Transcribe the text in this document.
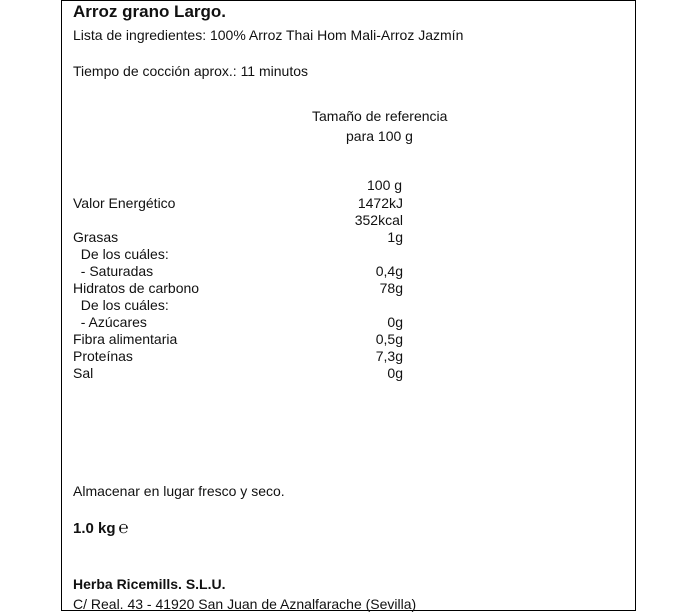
Arroz grano Largo.
Lista de ingredientes: 100% Arroz Thai Hom Mali-Arroz Jazmín
Tiempo de cocción aprox.: 11 minutos
Tamaño de referencia
para 100 g
100 g
Valor Energético	1472kJ
352kcal
Grasas	1g
De los cuáles:
- Saturadas	0,4g
Hidratos de carbono	78g
De los cuáles:
- Azúcares	0g
Fibra alimentaria	0,5g
Proteínas	7,3g
Sal	0g
Almacenar en lugar fresco y seco.
1.0 kg ℮
Herba Ricemills. S.L.U.
C/ Real. 43 - 41920 San Juan de Aznalfarache (Sevilla)
